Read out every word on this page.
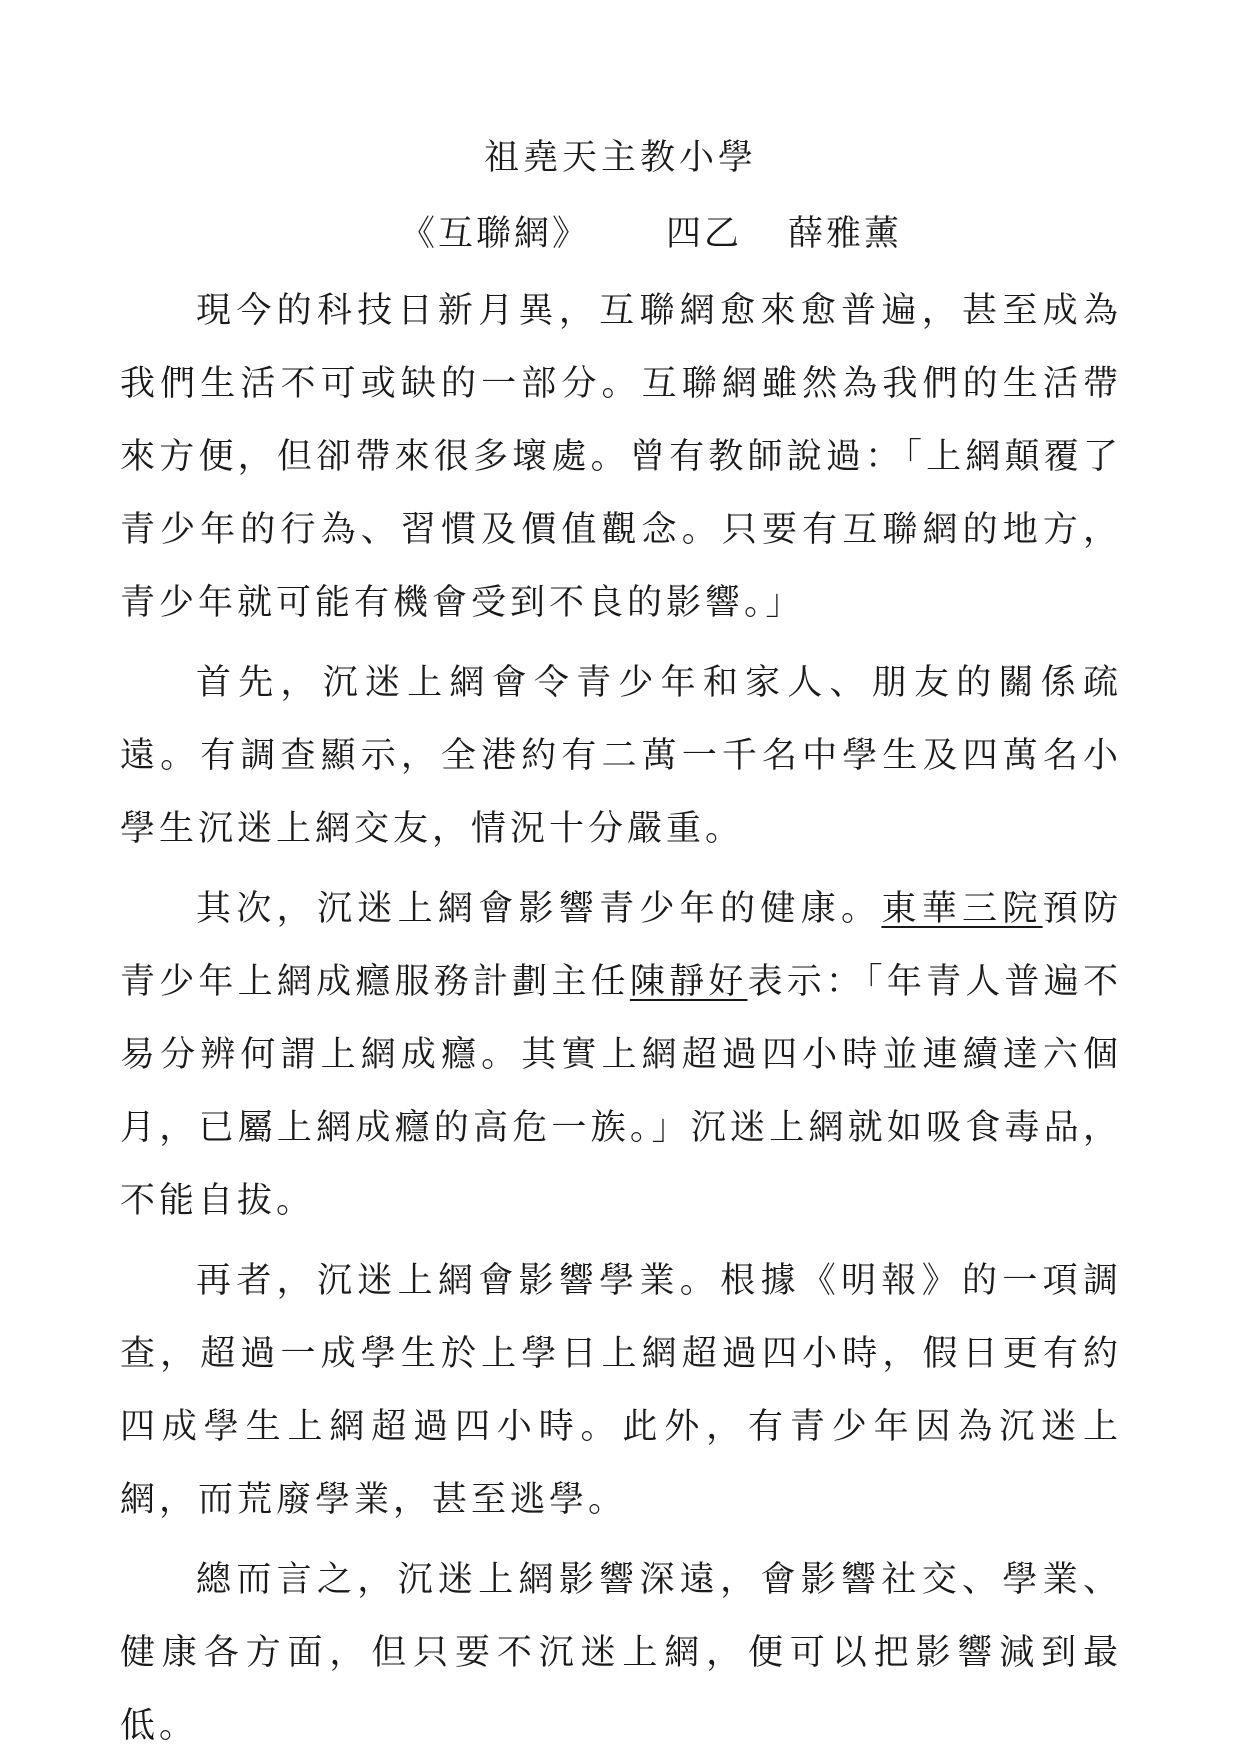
祖堯天主教小學
《互聯網》 四乙 薛雅薰

現今的科技日新月異，互聯網愈來愈普遍，甚至成為我們生活不可或缺的一部分。互聯網雖然為我們的生活帶來方便，但卻帶來很多壞處。曾有教師說過：「上網顛覆了青少年的行為、習慣及價值觀念。只要有互聯網的地方，青少年就可能有機會受到不良的影響。」

首先，沉迷上網會令青少年和家人、朋友的關係疏遠。有調查顯示，全港約有二萬一千名中學生及四萬名小學生沉迷上網交友，情況十分嚴重。

其次，沉迷上網會影響青少年的健康。東華三院預防青少年上網成癮服務計劃主任陳靜好表示：「年青人普遍不易分辨何謂上網成癮。其實上網超過四小時並連續達六個月，已屬上網成癮的高危一族。」沉迷上網就如吸食毒品，不能自拔。

再者，沉迷上網會影響學業。根據《明報》的一項調查，超過一成學生於上學日上網超過四小時，假日更有約四成學生上網超過四小時。此外，有青少年因為沉迷上網，而荒廢學業，甚至逃學。

總而言之，沉迷上網影響深遠，會影響社交、學業、健康各方面，但只要不沉迷上網，便可以把影響減到最低。
